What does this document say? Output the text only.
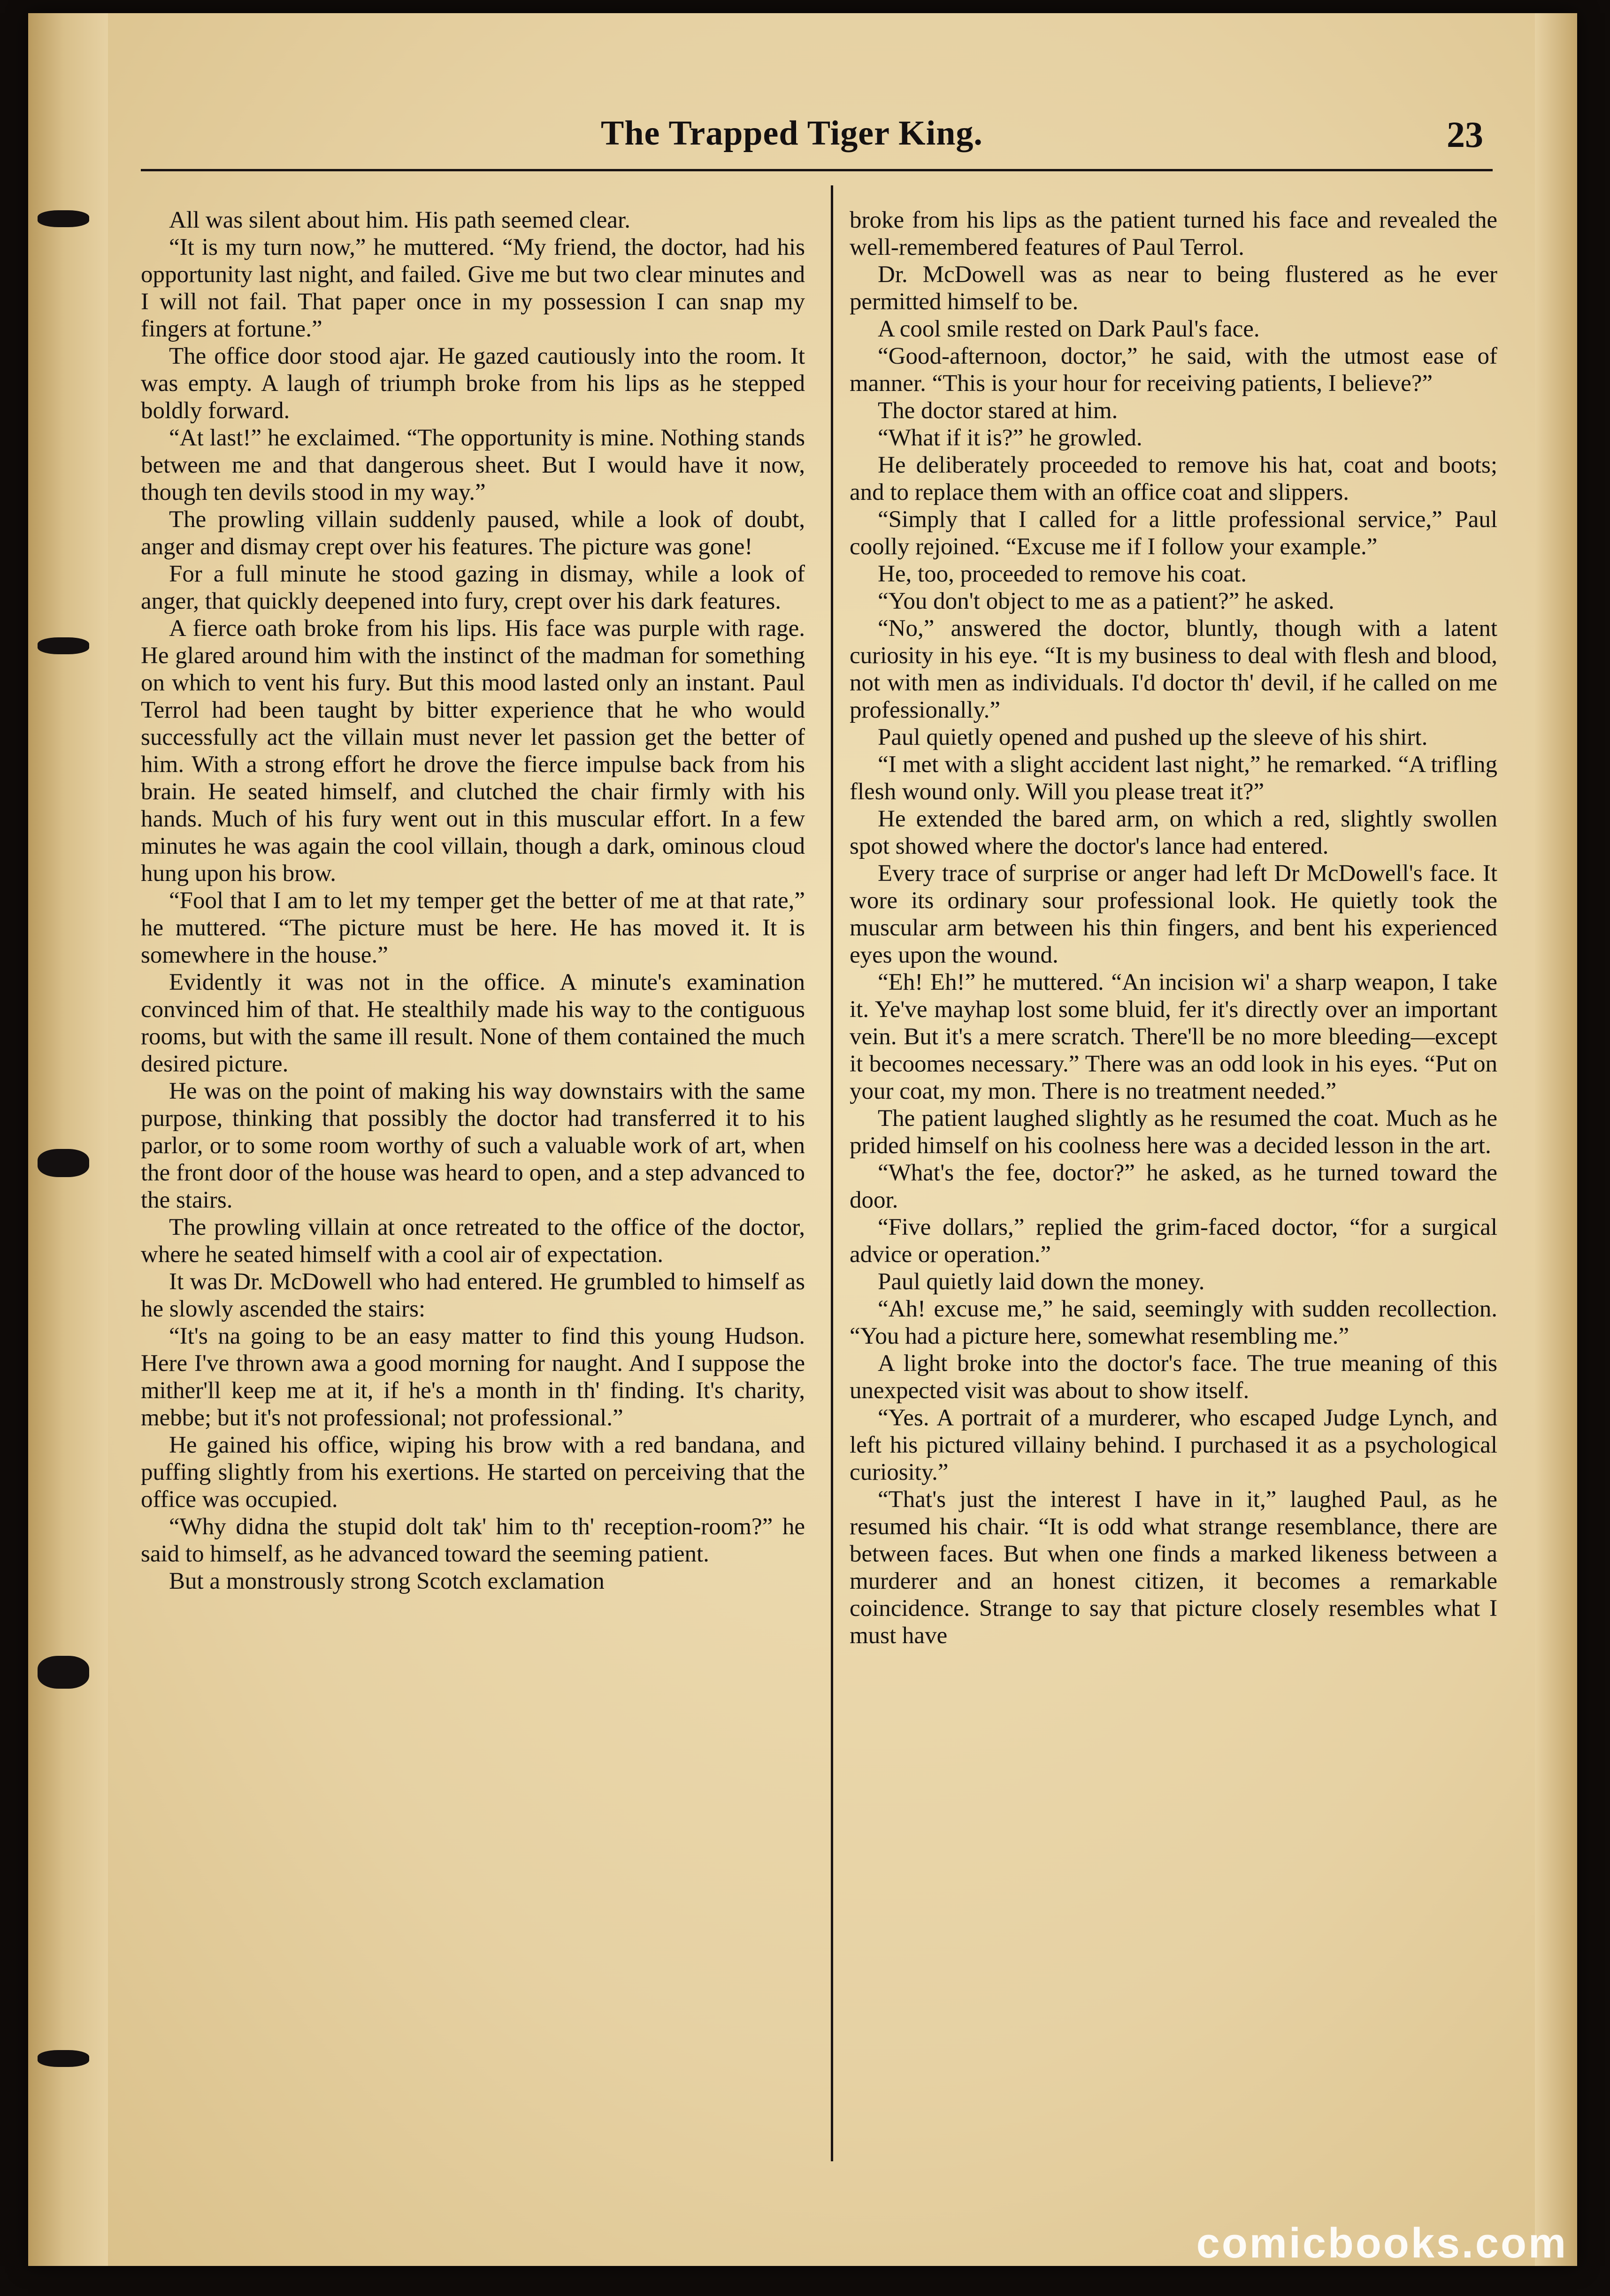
The Trapped Tiger King.	23

All was silent about him. His path seemed clear.

“It is my turn now,” he muttered. “My friend, the doctor, had his opportunity last night, and failed. Give me but two clear minutes and I will not fail. That paper once in my possession I can snap my fingers at fortune.”

The office door stood ajar. He gazed cautiously into the room. It was empty. A laugh of triumph broke from his lips as he stepped boldly forward.

“At last!” he exclaimed. “The opportunity is mine. Nothing stands between me and that dangerous sheet. But I would have it now, though ten devils stood in my way.”

The prowling villain suddenly paused, while a look of doubt, anger and dismay crept over his features. The picture was gone!

For a full minute he stood gazing in dismay, while a look of anger, that quickly deepened into fury, crept over his dark features.

A fierce oath broke from his lips. His face was purple with rage. He glared around him with the instinct of the madman for something on which to vent his fury. But this mood lasted only an instant. Paul Terrol had been taught by bitter experience that he who would successfully act the villain must never let passion get the better of him. With a strong effort he drove the fierce impulse back from his brain. He seated himself, and clutched the chair firmly with his hands. Much of his fury went out in this muscular effort. In a few minutes he was again the cool villain, though a dark, ominous cloud hung upon his brow.

“Fool that I am to let my temper get the better of me at that rate,” he muttered. “The picture must be here. He has moved it. It is somewhere in the house.”

Evidently it was not in the office. A minute's examination convinced him of that. He stealthily made his way to the contiguous rooms, but with the same ill result. None of them contained the much desired picture.

He was on the point of making his way downstairs with the same purpose, thinking that possibly the doctor had transferred it to his parlor, or to some room worthy of such a valuable work of art, when the front door of the house was heard to open, and a step advanced to the stairs.

The prowling villain at once retreated to the office of the doctor, where he seated himself with a cool air of expectation.

It was Dr. McDowell who had entered. He grumbled to himself as he slowly ascended the stairs:

“It's na going to be an easy matter to find this young Hudson. Here I've thrown awa a good morning for naught. And I suppose the mither'll keep me at it, if he's a month in th' finding. It's charity, mebbe; but it's not professional; not professional.”

He gained his office, wiping his brow with a red bandana, and puffing slightly from his exertions. He started on perceiving that the office was occupied.

“Why didna the stupid dolt tak' him to th' reception-room?” he said to himself, as he advanced toward the seeming patient.

But a monstrously strong Scotch exclamation

broke from his lips as the patient turned his face and revealed the well-remembered features of Paul Terrol.

Dr. McDowell was as near to being flustered as he ever permitted himself to be.

A cool smile rested on Dark Paul's face.

“Good-afternoon, doctor,” he said, with the utmost ease of manner. “This is your hour for receiving patients, I believe?”

The doctor stared at him.

“What if it is?” he growled.

He deliberately proceeded to remove his hat, coat and boots; and to replace them with an office coat and slippers.

“Simply that I called for a little professional service,” Paul coolly rejoined. “Excuse me if I follow your example.”

He, too, proceeded to remove his coat.

“You don't object to me as a patient?” he asked.

“No,” answered the doctor, bluntly, though with a latent curiosity in his eye. “It is my business to deal with flesh and blood, not with men as individuals. I'd doctor th' devil, if he called on me professionally.”

Paul quietly opened and pushed up the sleeve of his shirt.

“I met with a slight accident last night,” he remarked. “A trifling flesh wound only. Will you please treat it?”

He extended the bared arm, on which a red, slightly swollen spot showed where the doctor's lance had entered.

Every trace of surprise or anger had left Dr McDowell's face. It wore its ordinary sour professional look. He quietly took the muscular arm between his thin fingers, and bent his experienced eyes upon the wound.

“Eh! Eh!” he muttered. “An incision wi' a sharp weapon, I take it. Ye've mayhap lost some bluid, fer it's directly over an important vein. But it's a mere scratch. There'll be no more bleeding—except it becoomes necessary.” There was an odd look in his eyes. “Put on your coat, my mon. There is no treatment needed.”

The patient laughed slightly as he resumed the coat. Much as he prided himself on his coolness here was a decided lesson in the art.

“What's the fee, doctor?” he asked, as he turned toward the door.

“Five dollars,” replied the grim-faced doctor, “for a surgical advice or operation.”

Paul quietly laid down the money.

“Ah! excuse me,” he said, seemingly with sudden recollection. “You had a picture here, somewhat resembling me.”

A light broke into the doctor's face. The true meaning of this unexpected visit was about to show itself.

“Yes. A portrait of a murderer, who escaped Judge Lynch, and left his pictured villainy behind. I purchased it as a psychological curiosity.”

“That's just the interest I have in it,” laughed Paul, as he resumed his chair. “It is odd what strange resemblance, there are between faces. But when one finds a marked likeness between a murderer and an honest citizen, it becomes a remarkable coincidence. Strange to say that picture closely resembles what I must have

comicbooks.com
